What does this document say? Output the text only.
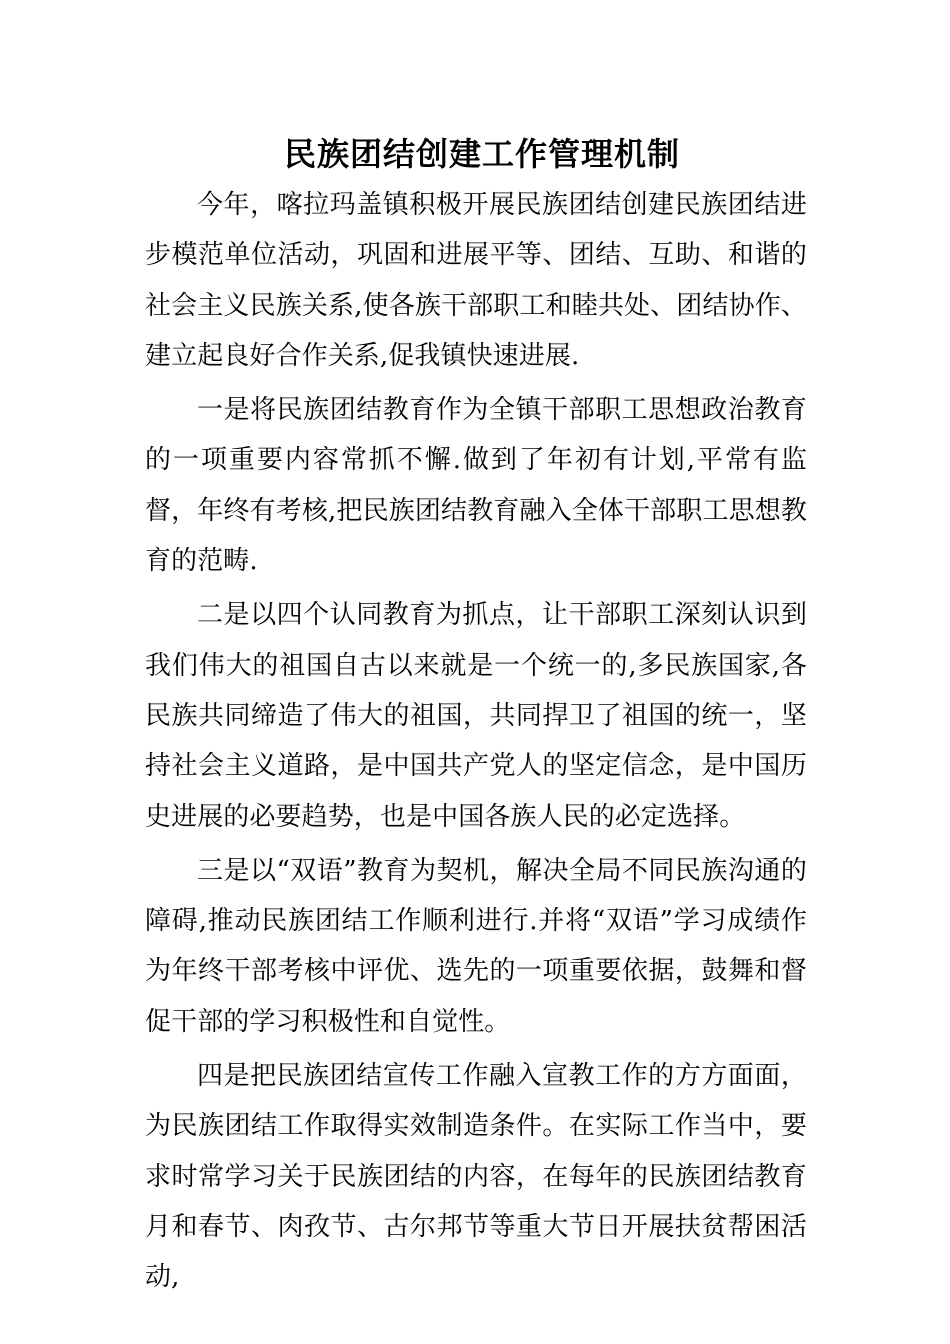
民族团结创建工作管理机制

今年，喀拉玛盖镇积极开展民族团结创建民族团结进步模范单位活动，巩固和进展平等、团结、互助、和谐的社会主义民族关系,使各族干部职工和睦共处、团结协作、建立起良好合作关系,促我镇快速进展.

一是将民族团结教育作为全镇干部职工思想政治教育的一项重要内容常抓不懈.做到了年初有计划,平常有监督，年终有考核,把民族团结教育融入全体干部职工思想教育的范畴.

二是以四个认同教育为抓点，让干部职工深刻认识到我们伟大的祖国自古以来就是一个统一的,多民族国家,各民族共同缔造了伟大的祖国，共同捍卫了祖国的统一，坚持社会主义道路，是中国共产党人的坚定信念，是中国历史进展的必要趋势，也是中国各族人民的必定选择。

三是以“双语”教育为契机，解决全局不同民族沟通的障碍,推动民族团结工作顺利进行.并将“双语”学习成绩作为年终干部考核中评优、选先的一项重要依据，鼓舞和督促干部的学习积极性和自觉性。

四是把民族团结宣传工作融入宣教工作的方方面面，为民族团结工作取得实效制造条件。在实际工作当中，要求时常学习关于民族团结的内容，在每年的民族团结教育月和春节、肉孜节、古尔邦节等重大节日开展扶贫帮困活动,
